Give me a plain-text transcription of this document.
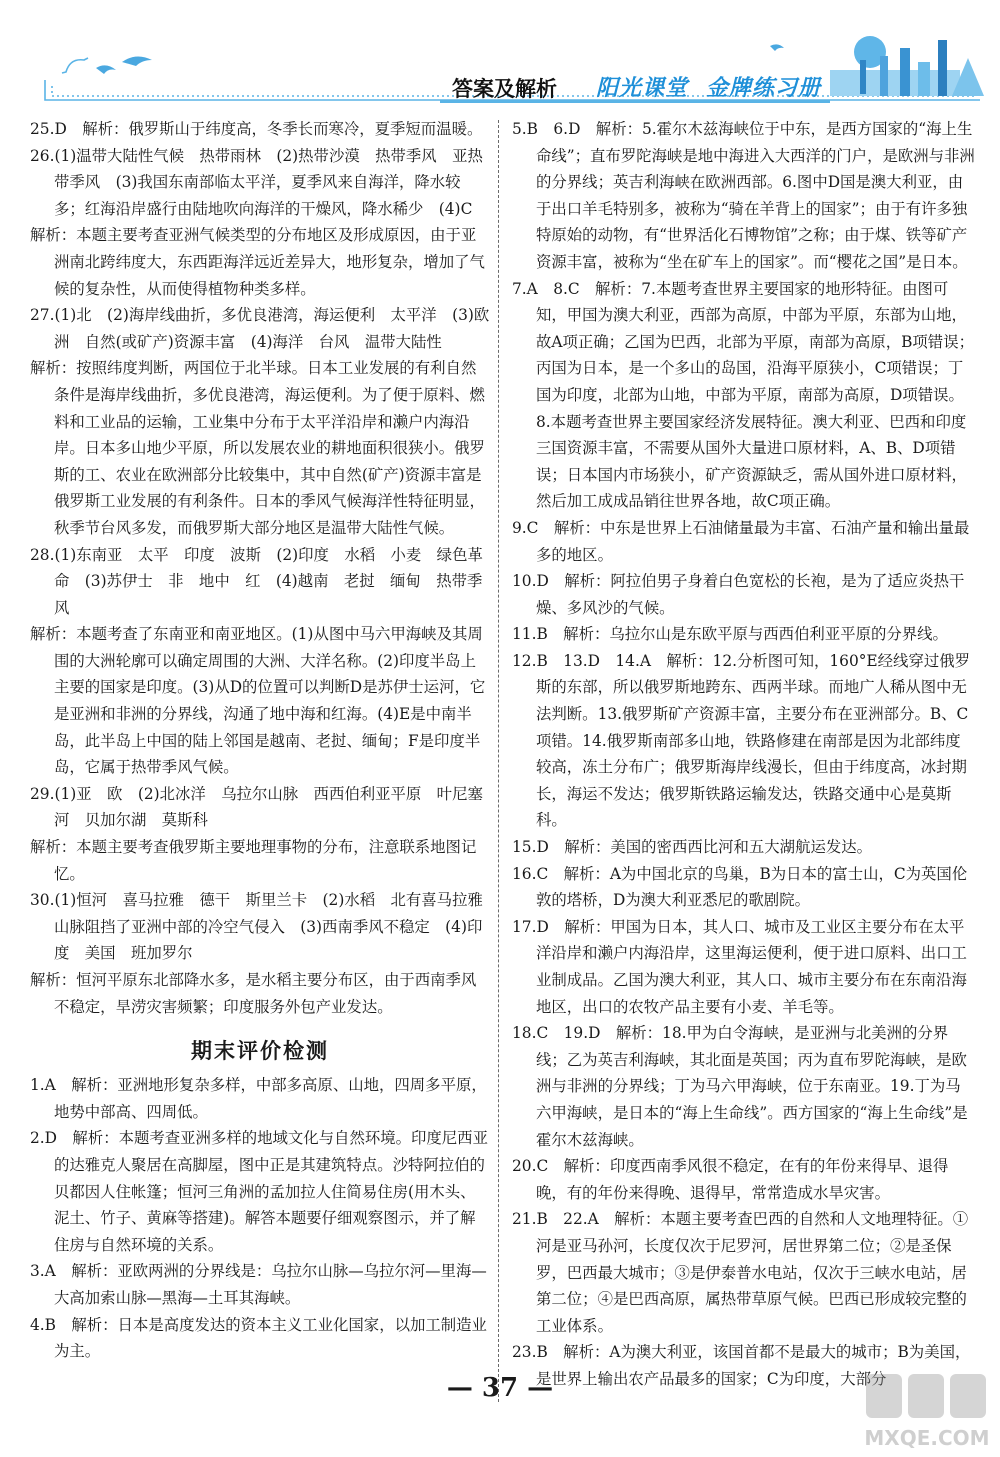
答案及解析 阳光课堂 金牌练习册
25.D　解析：俄罗斯山于纬度高，冬季长而寒冷，夏季短而温暖。
26.(1)温带大陆性气候　热带雨林　(2)热带沙漠　热带季风　亚热带季风　(3)我国东南部临太平洋，夏季风来自海洋，降水较多；红海沿岸盛行由陆地吹向海洋的干燥风，降水稀少　(4)C
解析：本题主要考查亚洲气候类型的分布地区及形成原因，由于亚洲南北跨纬度大，东西距海洋远近差异大，地形复杂，增加了气候的复杂性，从而使得植物种类多样。
27.(1)北　(2)海岸线曲折，多优良港湾，海运便利　太平洋　(3)欧洲　自然(或矿产)资源丰富　(4)海洋　台风　温带大陆性
解析：按照纬度判断，两国位于北半球。日本工业发展的有利自然条件是海岸线曲折，多优良港湾，海运便利。为了便于原料、燃料和工业品的运输，工业集中分布于太平洋沿岸和濑户内海沿岸。日本多山地少平原，所以发展农业的耕地面积很狭小。俄罗斯的工、农业在欧洲部分比较集中，其中自然(矿产)资源丰富是俄罗斯工业发展的有利条件。日本的季风气候海洋性特征明显，秋季节台风多发，而俄罗斯大部分地区是温带大陆性气候。
28.(1)东南亚　太平　印度　波斯　(2)印度　水稻　小麦　绿色革命　(3)苏伊士　非　地中　红　(4)越南　老挝　缅甸　热带季风
解析：本题考查了东南亚和南亚地区。(1)从图中马六甲海峡及其周围的大洲轮廓可以确定周围的大洲、大洋名称。(2)印度半岛上主要的国家是印度。(3)从D的位置可以判断D是苏伊士运河，它是亚洲和非洲的分界线，沟通了地中海和红海。(4)E是中南半岛，此半岛上中国的陆上邻国是越南、老挝、缅甸；F是印度半岛，它属于热带季风气候。
29.(1)亚　欧　(2)北冰洋　乌拉尔山脉　西西伯利亚平原　叶尼塞河　贝加尔湖　莫斯科
解析：本题主要考查俄罗斯主要地理事物的分布，注意联系地图记忆。
30.(1)恒河　喜马拉雅　德干　斯里兰卡　(2)水稻　北有喜马拉雅山脉阻挡了亚洲中部的冷空气侵入　(3)西南季风不稳定　(4)印度　美国　班加罗尔
解析：恒河平原东北部降水多，是水稻主要分布区，由于西南季风不稳定，旱涝灾害频繁；印度服务外包产业发达。
期末评价检测
1.A　解析：亚洲地形复杂多样，中部多高原、山地，四周多平原，地势中部高、四周低。
2.D　解析：本题考查亚洲多样的地域文化与自然环境。印度尼西亚的达雅克人聚居在高脚屋，图中正是其建筑特点。沙特阿拉伯的贝都因人住帐篷；恒河三角洲的孟加拉人住简易住房(用木头、泥土、竹子、黄麻等搭建)。解答本题要仔细观察图示，并了解住房与自然环境的关系。
3.A　解析：亚欧两洲的分界线是：乌拉尔山脉—乌拉尔河—里海—大高加索山脉—黑海—土耳其海峡。
4.B　解析：日本是高度发达的资本主义工业化国家，以加工制造业为主。
5.B　6.D　解析：5.霍尔木兹海峡位于中东，是西方国家的“海上生命线”；直布罗陀海峡是地中海进入大西洋的门户，是欧洲与非洲的分界线；英吉利海峡在欧洲西部。6.图中D国是澳大利亚，由于出口羊毛特别多，被称为“骑在羊背上的国家”；由于有许多独特原始的动物，有“世界活化石博物馆”之称；由于煤、铁等矿产资源丰富，被称为“坐在矿车上的国家”。而“樱花之国”是日本。
7.A　8.C　解析：7.本题考查世界主要国家的地形特征。由图可知，甲国为澳大利亚，西部为高原，中部为平原，东部为山地，故A项正确；乙国为巴西，北部为平原，南部为高原，B项错误；丙国为日本，是一个多山的岛国，沿海平原狭小，C项错误；丁国为印度，北部为山地，中部为平原，南部为高原，D项错误。8.本题考查世界主要国家经济发展特征。澳大利亚、巴西和印度三国资源丰富，不需要从国外大量进口原材料，A、B、D项错误；日本国内市场狭小，矿产资源缺乏，需从国外进口原材料，然后加工成成品销往世界各地，故C项正确。
9.C　解析：中东是世界上石油储量最为丰富、石油产量和输出量最多的地区。
10.D　解析：阿拉伯男子身着白色宽松的长袍，是为了适应炎热干燥、多风沙的气候。
11.B　解析：乌拉尔山是东欧平原与西西伯利亚平原的分界线。
12.B　13.D　14.A　解析：12.分析图可知，160°E经线穿过俄罗斯的东部，所以俄罗斯地跨东、西两半球。而地广人稀从图中无法判断。13.俄罗斯矿产资源丰富，主要分布在亚洲部分。B、C项错。14.俄罗斯南部多山地，铁路修建在南部是因为北部纬度较高，冻土分布广；俄罗斯海岸线漫长，但由于纬度高，冰封期长，海运不发达；俄罗斯铁路运输发达，铁路交通中心是莫斯科。
15.D　解析：美国的密西西比河和五大湖航运发达。
16.C　解析：A为中国北京的鸟巢，B为日本的富士山，C为英国伦敦的塔桥，D为澳大利亚悉尼的歌剧院。
17.D　解析：甲国为日本，其人口、城市及工业区主要分布在太平洋沿岸和濑户内海沿岸，这里海运便利，便于进口原料、出口工业制成品。乙国为澳大利亚，其人口、城市主要分布在东南沿海地区，出口的农牧产品主要有小麦、羊毛等。
18.C　19.D　解析：18.甲为白令海峡，是亚洲与北美洲的分界线；乙为英吉利海峡，其北面是英国；丙为直布罗陀海峡，是欧洲与非洲的分界线；丁为马六甲海峡，位于东南亚。19.丁为马六甲海峡，是日本的“海上生命线”。西方国家的“海上生命线”是霍尔木兹海峡。
20.C　解析：印度西南季风很不稳定，在有的年份来得早、退得晚，有的年份来得晚、退得早，常常造成水旱灾害。
21.B　22.A　解析：本题主要考查巴西的自然和人文地理特征。①河是亚马孙河，长度仅次于尼罗河，居世界第二位；②是圣保罗，巴西最大城市；③是伊泰普水电站，仅次于三峡水电站，居第二位；④是巴西高原，属热带草原气候。巴西已形成较完整的工业体系。
23.B　解析：A为澳大利亚，该国首都不是最大的城市；B为美国，是世界上输出农产品最多的国家；C为印度，大部分
— 37 —
MXQE.COM
